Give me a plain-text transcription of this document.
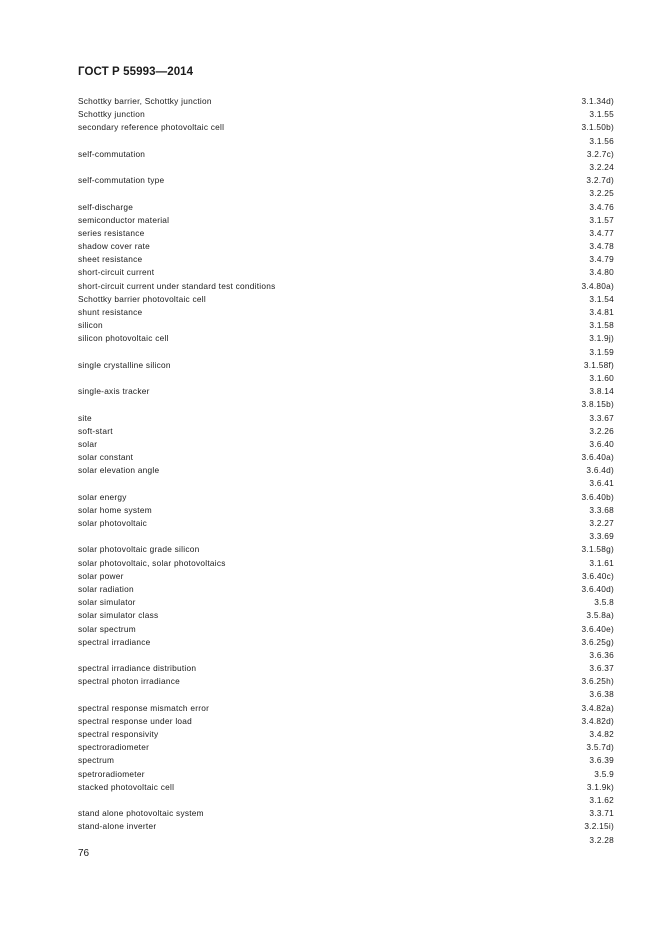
ГОСТ Р 55993—2014
Schottky barrier, Schottky junction	3.1.34d)
Schottky junction	3.1.55
secondary reference photovoltaic cell	3.1.50b)
3.1.56
self-commutation	3.2.7c)
3.2.24
self-commutation type	3.2.7d)
3.2.25
self-discharge	3.4.76
semiconductor material	3.1.57
series resistance	3.4.77
shadow cover rate	3.4.78
sheet resistance	3.4.79
short-circuit current	3.4.80
short-circuit current under standard test conditions	3.4.80a)
Schottky barrier photovoltaic cell	3.1.54
shunt resistance	3.4.81
silicon	3.1.58
silicon photovoltaic cell	3.1.9j)
3.1.59
single crystalline silicon	3.1.58f)
3.1.60
single-axis tracker	3.8.14
3.8.15b)
site	3.3.67
soft-start	3.2.26
solar	3.6.40
solar constant	3.6.40a)
solar elevation angle	3.6.4d)
3.6.41
solar energy	3.6.40b)
solar home system	3.3.68
solar photovoltaic	3.2.27
3.3.69
solar photovoltaic grade silicon	3.1.58g)
solar photovoltaic, solar photovoltaics	3.1.61
solar power	3.6.40c)
solar radiation	3.6.40d)
solar simulator	3.5.8
solar simulator class	3.5.8a)
solar spectrum	3.6.40e)
spectral irradiance	3.6.25g)
3.6.36
spectral irradiance distribution	3.6.37
spectral photon irradiance	3.6.25h)
3.6.38
spectral response mismatch error	3.4.82a)
spectral response under load	3.4.82d)
spectral responsivity	3.4.82
spectroradiometer	3.5.7d)
spectrum	3.6.39
spetroradiometer	3.5.9
stacked photovoltaic cell	3.1.9k)
3.1.62
stand alone photovoltaic system	3.3.71
stand-alone inverter	3.2.15i)
3.2.28
76
